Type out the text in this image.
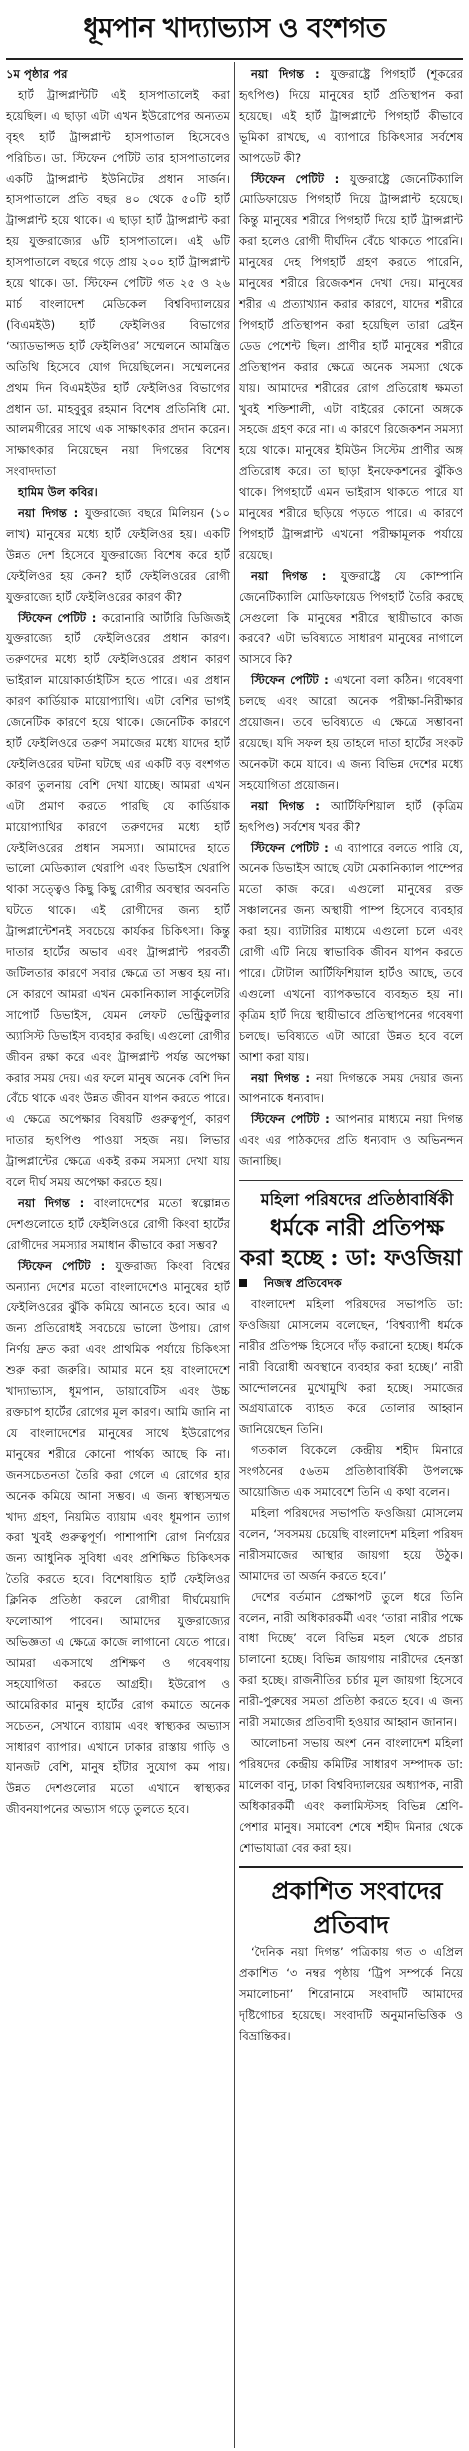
ধূমপান খাদ্যাভ্যাস ও বংশগত

১ম পৃষ্ঠার পর

হার্ট ট্রান্সপ্লান্টটি এই হাসপাতালেই করা হয়েছিল। এ ছাড়া এটা এখন ইউরোপের অন্যতম বৃহৎ হার্ট ট্রান্সপ্লান্ট হাসপাতাল হিসেবেও পরিচিত। ডা. স্টিফেন পেটিট তার হাসপাতালের একটি ট্রান্সপ্লান্ট ইউনিটের প্রধান সার্জন। হাসপাতালে প্রতি বছর ৪০ থেকে ৫০টি হার্ট ট্রান্সপ্লান্ট হয়ে থাকে। এ ছাড়া হার্ট ট্রান্সপ্লান্ট করা হয় যুক্তরাজ্যের ৬টি হাসপাতালে। এই ৬টি হাসপাতালে বছরে গড়ে প্রায় ২০০ হার্ট ট্রান্সপ্লান্ট হয়ে থাকে। ডা. স্টিফেন পেটিট গত ২৫ ও ২৬ মার্চ বাংলাদেশ মেডিকেল বিশ্ববিদ্যালয়ের (বিএমইউ) হার্ট ফেইলিওর বিভাগের ‘অ্যাডভান্সড হার্ট ফেইলিওর’ সম্মেলনে আমন্ত্রিত অতিথি হিসেবে যোগ দিয়েছিলেন। সম্মেলনের প্রথম দিন বিএমইউর হার্ট ফেইলিওর বিভাগের প্রধান ডা. মাহবুবুর রহমান বিশেষ প্রতিনিধি মো. আলমগীরের সাথে এক সাক্ষাৎকার প্রদান করেন। সাক্ষাৎকার নিয়েছেন নয়া দিগন্তের বিশেষ সংবাদদাতা

হামিম উল কবির।

নয়া দিগন্ত : যুক্তরাজ্যে বছরে মিলিয়ন (১০ লাখ) মানুষের মধ্যে হার্ট ফেইলিওর হয়। একটি উন্নত দেশ হিসেবে যুক্তরাজ্যে বিশেষ করে হার্ট ফেইলিওর হয় কেন? হার্ট ফেইলিওরের রোগী যুক্তরাজ্যে হার্ট ফেইলিওরের কারণ কী?

স্টিফেন পেটিট : করোনারি আর্টারি ডিজিজই যুক্তরাজ্যে হার্ট ফেইলিওরের প্রধান কারণ। তরুণদের মধ্যে হার্ট ফেইলিওরের প্রধান কারণ ভাইরাল মায়োকার্ডাইটিস হতে পারে। এর প্রধান কারণ কার্ডিয়াক মায়োপ্যাথি। এটা বেশির ভাগই জেনেটিক কারণে হয়ে থাকে। জেনেটিক কারণে হার্ট ফেইলিওরে তরুণ সমাজের মধ্যে যাদের হার্ট ফেইলিওরের ঘটনা ঘটছে এর একটি বড় বংশগত কারণ তুলনায় বেশি দেখা যাচ্ছে। আমরা এখন এটা প্রমাণ করতে পারছি যে কার্ডিয়াক মায়োপ্যাথির কারণে তরুণদের মধ্যে হার্ট ফেইলিওরের প্রধান সমস্যা। আমাদের হাতে ভালো মেডিক্যাল থেরাপি এবং ডিভাইস থেরাপি থাকা সত্ত্বেও কিছু কিছু রোগীর অবস্থার অবনতি ঘটতে থাকে। এই রোগীদের জন্য হার্ট ট্রান্সপ্লান্টেশনই সবচেয়ে কার্যকর চিকিৎসা। কিন্তু দাতার হার্টের অভাব এবং ট্রান্সপ্লান্ট পরবর্তী জটিলতার কারণে সবার ক্ষেত্রে তা সম্ভব হয় না। সে কারণে আমরা এখন মেকানিক্যাল সার্কুলেটরি সাপোর্ট ডিভাইস, যেমন লেফট ভেন্ট্রিকুলার অ্যাসিস্ট ডিভাইস ব্যবহার করছি। এগুলো রোগীর জীবন রক্ষা করে এবং ট্রান্সপ্লান্ট পর্যন্ত অপেক্ষা করার সময় দেয়। এর ফলে মানুষ অনেক বেশি দিন বেঁচে থাকে এবং উন্নত জীবন যাপন করতে পারে। এ ক্ষেত্রে অপেক্ষার বিষয়টি গুরুত্বপূর্ণ, কারণ দাতার হৃৎপিণ্ড পাওয়া সহজ নয়। লিভার ট্রান্সপ্লান্টের ক্ষেত্রে একই রকম সমস্যা দেখা যায় বলে দীর্ঘ সময় অপেক্ষা করতে হয়।

নয়া দিগন্ত : বাংলাদেশের মতো স্বল্পোন্নত দেশগুলোতে হার্ট ফেইলিওরে রোগী কিংবা হার্টের রোগীদের সমস্যার সমাধান কীভাবে করা সম্ভব?

স্টিফেন পেটিট : যুক্তরাজ্য কিংবা বিশ্বের অন্যান্য দেশের মতো বাংলাদেশেও মানুষের হার্ট ফেইলিওরের ঝুঁকি কমিয়ে আনতে হবে। আর এ জন্য প্রতিরোধই সবচেয়ে ভালো উপায়। রোগ নির্ণয় দ্রুত করা এবং প্রাথমিক পর্যায়ে চিকিৎসা শুরু করা জরুরি। আমার মনে হয় বাংলাদেশে খাদ্যাভ্যাস, ধূমপান, ডায়াবেটিস এবং উচ্চ রক্তচাপ হার্টের রোগের মূল কারণ। আমি জানি না যে বাংলাদেশের মানুষের সাথে ইউরোপের মানুষের শরীরে কোনো পার্থক্য আছে কি না। জনসচেতনতা তৈরি করা গেলে এ রোগের হার অনেক কমিয়ে আনা সম্ভব। এ জন্য স্বাস্থ্যসম্মত খাদ্য গ্রহণ, নিয়মিত ব্যায়াম এবং ধূমপান ত্যাগ করা খুবই গুরুত্বপূর্ণ। পাশাপাশি রোগ নির্ণয়ের জন্য আধুনিক সুবিধা এবং প্রশিক্ষিত চিকিৎসক তৈরি করতে হবে। বিশেষায়িত হার্ট ফেইলিওর ক্লিনিক প্রতিষ্ঠা করলে রোগীরা দীর্ঘমেয়াদি ফলোআপ পাবেন। আমাদের যুক্তরাজ্যের অভিজ্ঞতা এ ক্ষেত্রে কাজে লাগানো যেতে পারে। আমরা একসাথে প্রশিক্ষণ ও গবেষণায় সহযোগিতা করতে আগ্রহী। ইউরোপ ও আমেরিকার মানুষ হার্টের রোগ কমাতে অনেক সচেতন, সেখানে ব্যায়াম এবং স্বাস্থ্যকর অভ্যাস সাধারণ ব্যাপার। এখানে ঢাকার রাস্তায় গাড়ি ও যানজট বেশি, মানুষ হাঁটার সুযোগ কম পায়। উন্নত দেশগুলোর মতো এখানে স্বাস্থ্যকর জীবনযাপনের অভ্যাস গড়ে তুলতে হবে।

নয়া দিগন্ত : যুক্তরাষ্ট্রে পিগহার্ট (শূকরের হৃৎপিণ্ড) দিয়ে মানুষের হার্ট প্রতিস্থাপন করা হয়েছে। এই হার্ট ট্রান্সপ্লান্টে পিগহার্ট কীভাবে ভূমিকা রাখছে, এ ব্যাপারে চিকিৎসার সর্বশেষ আপডেট কী?

স্টিফেন পেটিট : যুক্তরাষ্ট্রে জেনেটিক্যালি মোডিফায়েড পিগহার্ট দিয়ে ট্রান্সপ্লান্ট হয়েছে। কিন্তু মানুষের শরীরে পিগহার্ট দিয়ে হার্ট ট্রান্সপ্লান্ট করা হলেও রোগী দীর্ঘদিন বেঁচে থাকতে পারেনি। মানুষের দেহ পিগহার্ট গ্রহণ করতে পারেনি, মানুষের শরীরে রিজেকশন দেখা দেয়। মানুষের শরীর এ প্রত্যাখ্যান করার কারণে, যাদের শরীরে পিগহার্ট প্রতিস্থাপন করা হয়েছিল তারা ব্রেইন ডেড পেশেন্ট ছিল। প্রাণীর হার্ট মানুষের শরীরে প্রতিস্থাপন করার ক্ষেত্রে অনেক সমস্যা থেকে যায়। আমাদের শরীরের রোগ প্রতিরোধ ক্ষমতা খুবই শক্তিশালী, এটা বাইরের কোনো অঙ্গকে সহজে গ্রহণ করে না। এ কারণে রিজেকশন সমস্যা হয়ে থাকে। মানুষের ইমিউন সিস্টেম প্রাণীর অঙ্গ প্রতিরোধ করে। তা ছাড়া ইনফেকশনের ঝুঁকিও থাকে। পিগহার্টে এমন ভাইরাস থাকতে পারে যা মানুষের শরীরে ছড়িয়ে পড়তে পারে। এ কারণে পিগহার্ট ট্রান্সপ্লান্ট এখনো পরীক্ষামূলক পর্যায়ে রয়েছে।

নয়া দিগন্ত : যুক্তরাষ্ট্রে যে কোম্পানি জেনেটিক্যালি মোডিফায়েড পিগহার্ট তৈরি করছে সেগুলো কি মানুষের শরীরে স্থায়ীভাবে কাজ করবে? এটা ভবিষ্যতে সাধারণ মানুষের নাগালে আসবে কি?

স্টিফেন পেটিট : এখনো বলা কঠিন। গবেষণা চলছে এবং আরো অনেক পরীক্ষা-নিরীক্ষার প্রয়োজন। তবে ভবিষ্যতে এ ক্ষেত্রে সম্ভাবনা রয়েছে। যদি সফল হয় তাহলে দাতা হার্টের সংকট অনেকটা কমে যাবে। এ জন্য বিভিন্ন দেশের মধ্যে সহযোগিতা প্রয়োজন।

নয়া দিগন্ত : আর্টিফিশিয়াল হার্ট (কৃত্রিম হৃৎপিণ্ড) সর্বশেষ খবর কী?

স্টিফেন পেটিট : এ ব্যাপারে বলতে পারি যে, অনেক ডিভাইস আছে যেটা মেকানিক্যাল পাম্পের মতো কাজ করে। এগুলো মানুষের রক্ত সঞ্চালনের জন্য অস্থায়ী পাম্প হিসেবে ব্যবহার করা হয়। ব্যাটারির মাধ্যমে এগুলো চলে এবং রোগী এটি নিয়ে স্বাভাবিক জীবন যাপন করতে পারে। টোটাল আর্টিফিশিয়াল হার্টও আছে, তবে এগুলো এখনো ব্যাপকভাবে ব্যবহৃত হয় না। কৃত্রিম হার্ট দিয়ে স্থায়ীভাবে প্রতিস্থাপনের গবেষণা চলছে। ভবিষ্যতে এটা আরো উন্নত হবে বলে আশা করা যায়।

নয়া দিগন্ত : নয়া দিগন্তকে সময় দেয়ার জন্য আপনাকে ধন্যবাদ।

স্টিফেন পেটিট : আপনার মাধ্যমে নয়া দিগন্ত এবং এর পাঠকদের প্রতি ধন্যবাদ ও অভিনন্দন জানাচ্ছি।

মহিলা পরিষদের প্রতিষ্ঠাবার্ষিকী

ধর্মকে নারী প্রতিপক্ষ করা হচ্ছে : ডা: ফওজিয়া

নিজস্ব প্রতিবেদক

বাংলাদেশ মহিলা পরিষদের সভাপতি ডা: ফওজিয়া মোসলেম বলেছেন, ‘বিশ্বব্যাপী ধর্মকে নারীর প্রতিপক্ষ হিসেবে দাঁড় করানো হচ্ছে। ধর্মকে নারী বিরোধী অবস্থানে ব্যবহার করা হচ্ছে।’ নারী আন্দোলনের মুখোমুখি করা হচ্ছে। সমাজের অগ্রযাত্রাকে ব্যাহত করে তোলার আহ্বান জানিয়েছেন তিনি।

গতকাল বিকেলে কেন্দ্রীয় শহীদ মিনারে সংগঠনের ৫৬তম প্রতিষ্ঠাবার্ষিকী উপলক্ষে আয়োজিত এক সমাবেশে তিনি এ কথা বলেন।

মহিলা পরিষদের সভাপতি ফওজিয়া মোসলেম বলেন, ‘সবসময় চেয়েছি বাংলাদেশ মহিলা পরিষদ নারীসমাজের আস্থার জায়গা হয়ে উঠুক। আমাদের তা অর্জন করতে হবে।’

দেশের বর্তমান প্রেক্ষাপট তুলে ধরে তিনি বলেন, নারী অধিকারকর্মী এবং ‘তারা নারীর পক্ষে বাধা দিচ্ছে’ বলে বিভিন্ন মহল থেকে প্রচার চালানো হচ্ছে। বিভিন্ন জায়গায় নারীদের হেনস্তা করা হচ্ছে। রাজনীতির চর্চার মূল জায়গা হিসেবে নারী-পুরুষের সমতা প্রতিষ্ঠা করতে হবে। এ জন্য নারী সমাজের প্রতিবাদী হওয়ার আহ্বান জানান।

আলোচনা সভায় অংশ নেন বাংলাদেশ মহিলা পরিষদের কেন্দ্রীয় কমিটির সাধারণ সম্পাদক ডা: মালেকা বানু, ঢাকা বিশ্ববিদ্যালয়ের অধ্যাপক, নারী অধিকারকর্মী এবং কলামিস্টসহ বিভিন্ন শ্রেণি-পেশার মানুষ। সমাবেশ শেষে শহীদ মিনার থেকে শোভাযাত্রা বের করা হয়।

প্রকাশিত সংবাদের প্রতিবাদ

‘দৈনিক নয়া দিগন্ত’ পত্রিকায় গত ৩ এপ্রিল প্রকাশিত ‘৩ নম্বর পৃষ্ঠায় ‘ট্রিপ সম্পর্কে নিয়ে সমালোচনা’ শিরোনামে সংবাদটি আমাদের দৃষ্টিগোচর হয়েছে। সংবাদটি অনুমানভিত্তিক ও বিভ্রান্তিকর।
